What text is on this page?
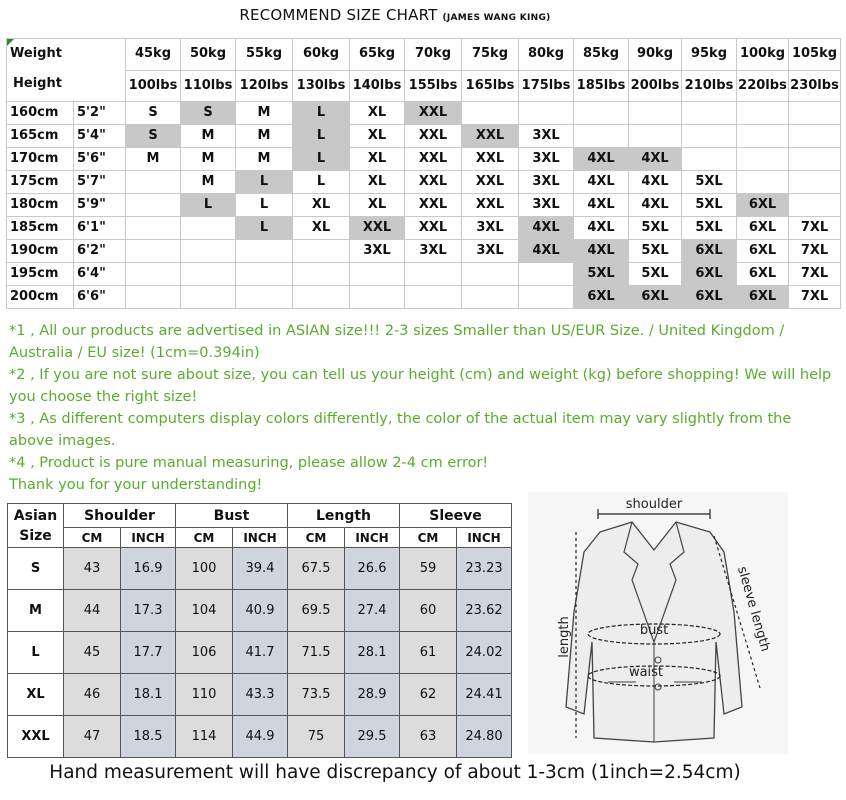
RECOMMEND SIZE CHART (JAMES WANG KING)
Weight
Height		45kg	50kg	55kg	60kg	65kg	70kg	75kg	80kg	85kg	90kg	95kg	100kg	105kg
		100lbs	110lbs	120lbs	130lbs	140lbs	155lbs	165lbs	175lbs	185lbs	200lbs	210lbs	220lbs	230lbs
160cm	5'2"	S	S	M	L	XL	XXL							
165cm	5'4"	S	M	M	L	XL	XXL	XXL	3XL					
170cm	5'6"	M	M	M	L	XL	XXL	XXL	3XL	4XL	4XL			
175cm	5'7"		M	L	L	XL	XXL	XXL	3XL	4XL	4XL	5XL		
180cm	5'9"		L	L	XL	XL	XXL	XXL	3XL	4XL	4XL	5XL	6XL	
185cm	6'1"			L	XL	XXL	XXL	3XL	4XL	4XL	5XL	5XL	6XL	7XL
190cm	6'2"					3XL	3XL	3XL	4XL	4XL	5XL	6XL	6XL	7XL
195cm	6'4"									5XL	5XL	6XL	6XL	7XL
200cm	6'6"									6XL	6XL	6XL	6XL	7XL

*1 , All our products are advertised in ASIAN size!!! 2-3 sizes Smaller than US/EUR Size. / United Kingdom / Australia / EU size! (1cm=0.394in)

*2 , If you are not sure about size, you can tell us your height (cm) and weight (kg) before shopping! We will help you choose the right size!

*3 , As different computers display colors differently, the color of the actual item may vary slightly from the above images.

*4 , Product is pure manual measuring, please allow 2-4 cm error!

Thank you for your understanding!

Asian
Size	Shoulder		Bust		Length		Sleeve	
	CM	INCH	CM	INCH	CM	INCH	CM	INCH
S	43	16.9	100	39.4	67.5	26.6	59	23.23
M	44	17.3	104	40.9	69.5	27.4	60	23.62
L	45	17.7	106	41.7	71.5	28.1	61	24.02
XL	46	18.1	110	43.3	73.5	28.9	62	24.41
XXL	47	18.5	114	44.9	75	29.5	63	24.80
shoulder
length	bust
waist
sleeve length
Hand measurement will have discrepancy of about 1-3cm (1inch=2.54cm)
